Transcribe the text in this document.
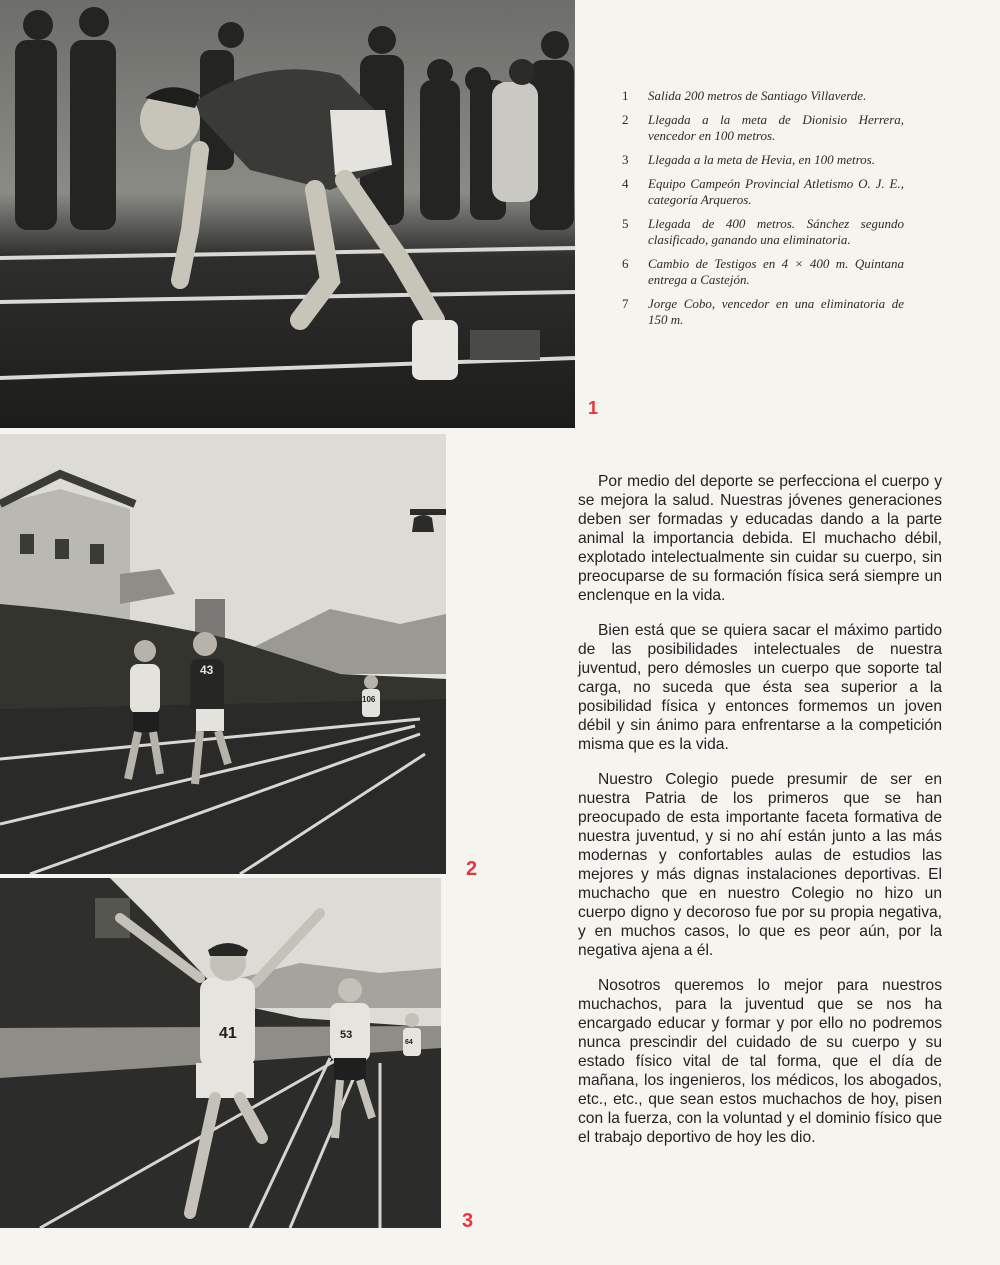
1
1 Salida 200 metros de Santiago Villaverde.
2 Llegada a la meta de Dionisio Herrera, vencedor en 100 metros.
3 Llegada a la meta de Hevia, en 100 metros.
4 Equipo Campeón Provincial Atletismo O. J. E., categoría Arqueros.
5 Llegada de 400 metros. Sánchez segundo clasificado, ganando una eliminatoria.
6 Cambio de Testigos en 4 × 400 m. Quintana entrega a Castejón.
7 Jorge Cobo, vencedor en una eliminatoria de 150 m.
43
106
2
41	53
64
3

Por medio del deporte se perfecciona el cuerpo y se mejora la salud. Nuestras jóvenes generaciones deben ser formadas y educadas dando a la parte animal la importancia debida. El muchacho débil, explotado intelectualmente sin cuidar su cuerpo, sin preocuparse de su formación física será siempre un enclenque en la vida.

Bien está que se quiera sacar el máximo partido de las posibilidades intelectuales de nuestra juventud, pero démosles un cuerpo que soporte tal carga, no suceda que ésta sea superior a la posibilidad física y entonces formemos un joven débil y sin ánimo para enfrentarse a la competición misma que es la vida.

Nuestro Colegio puede presumir de ser en nuestra Patria de los primeros que se han preocupado de esta importante faceta formativa de nuestra juventud, y si no ahí están junto a las más modernas y confortables aulas de estudios las mejores y más dignas instalaciones deportivas. El muchacho que en nuestro Colegio no hizo un cuerpo digno y decoroso fue por su propia negativa, y en muchos casos, lo que es peor aún, por la negativa ajena a él.

Nosotros queremos lo mejor para nuestros muchachos, para la juventud que se nos ha encargado educar y formar y por ello no podremos nunca prescindir del cuidado de su cuerpo y su estado físico vital de tal forma, que el día de mañana, los ingenieros, los médicos, los abogados, etc., etc., que sean estos muchachos de hoy, pisen con la fuerza, con la voluntad y el dominio físico que el trabajo deportivo de hoy les dio.
